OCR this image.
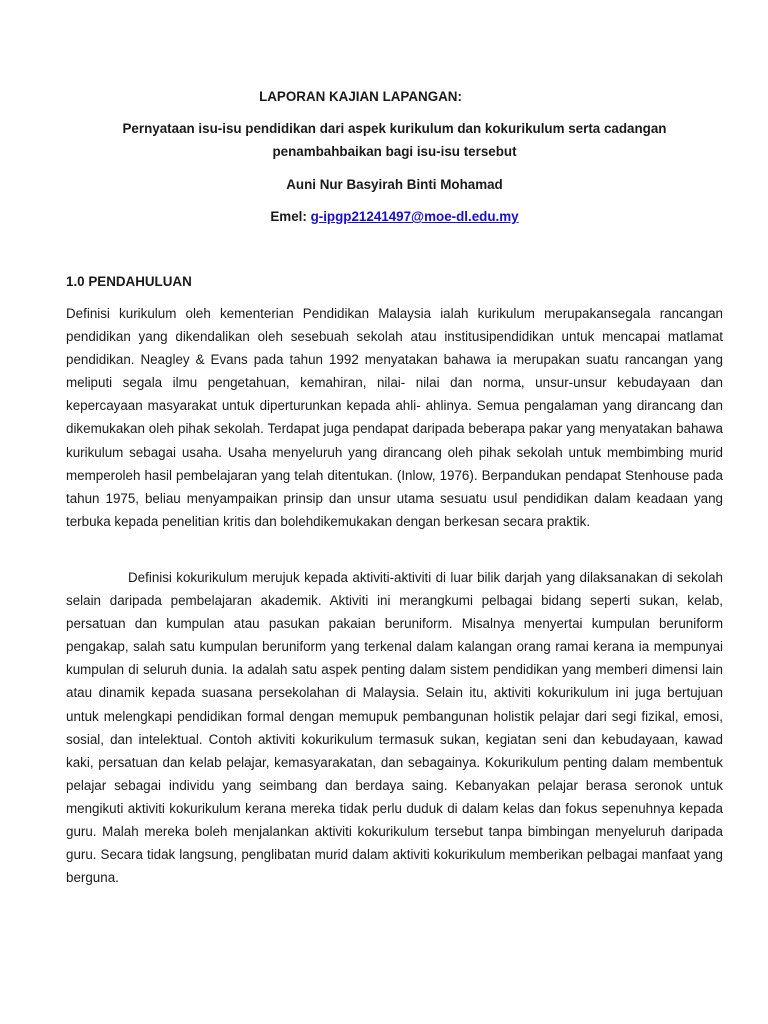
LAPORAN KAJIAN LAPANGAN:

Pernyataan isu-isu pendidikan dari aspek kurikulum dan kokurikulum serta cadangan penambahbaikan bagi isu-isu tersebut

Auni Nur Basyirah Binti Mohamad

Emel: g-ipgp21241497@moe-dl.edu.my

1.0 PENDAHULUAN

Definisi kurikulum oleh kementerian Pendidikan Malaysia ialah kurikulum merupakansegala rancangan pendidikan yang dikendalikan oleh sesebuah sekolah atau institusipendidikan untuk mencapai matlamat pendidikan. Neagley & Evans pada tahun 1992 menyatakan bahawa ia merupakan suatu rancangan yang meliputi segala ilmu pengetahuan, kemahiran, nilai- nilai dan norma, unsur-unsur kebudayaan dan kepercayaan masyarakat untuk diperturunkan kepada ahli- ahlinya. Semua pengalaman yang dirancang dan dikemukakan oleh pihak sekolah. Terdapat juga pendapat daripada beberapa pakar yang menyatakan bahawa kurikulum sebagai usaha. Usaha menyeluruh yang dirancang oleh pihak sekolah untuk membimbing murid memperoleh hasil pembelajaran yang telah ditentukan. (Inlow, 1976). Berpandukan pendapat Stenhouse pada tahun 1975, beliau menyampaikan prinsip dan unsur utama sesuatu usul pendidikan dalam keadaan yang terbuka kepada penelitian kritis dan bolehdikemukakan dengan berkesan secara praktik.

Definisi kokurikulum merujuk kepada aktiviti-aktiviti di luar bilik darjah yang dilaksanakan di sekolah selain daripada pembelajaran akademik. Aktiviti ini merangkumi pelbagai bidang seperti sukan, kelab, persatuan dan kumpulan atau pasukan pakaian beruniform. Misalnya menyertai kumpulan beruniform pengakap, salah satu kumpulan beruniform yang terkenal dalam kalangan orang ramai kerana ia mempunyai kumpulan di seluruh dunia. Ia adalah satu aspek penting dalam sistem pendidikan yang memberi dimensi lain atau dinamik kepada suasana persekolahan di Malaysia. Selain itu, aktiviti kokurikulum ini juga bertujuan untuk melengkapi pendidikan formal dengan memupuk pembangunan holistik pelajar dari segi fizikal, emosi, sosial, dan intelektual. Contoh aktiviti kokurikulum termasuk sukan, kegiatan seni dan kebudayaan, kawad kaki, persatuan dan kelab pelajar, kemasyarakatan, dan sebagainya. Kokurikulum penting dalam membentuk pelajar sebagai individu yang seimbang dan berdaya saing. Kebanyakan pelajar berasa seronok untuk mengikuti aktiviti kokurikulum kerana mereka tidak perlu duduk di dalam kelas dan fokus sepenuhnya kepada guru. Malah mereka boleh menjalankan aktiviti kokurikulum tersebut tanpa bimbingan menyeluruh daripada guru. Secara tidak langsung, penglibatan murid dalam aktiviti kokurikulum memberikan pelbagai manfaat yang berguna.
